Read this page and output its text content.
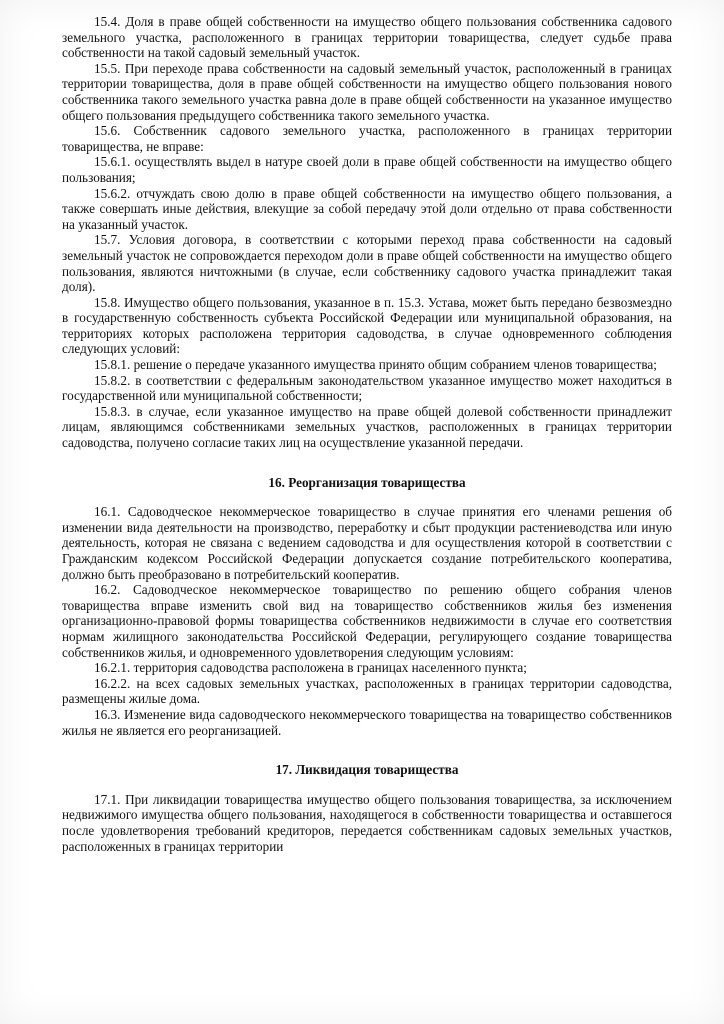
15.4. Доля в праве общей собственности на имущество общего пользования собственника садового земельного участка, расположенного в границах территории товарищества, следует судьбе права собственности на такой садовый земельный участок.

15.5. При переходе права собственности на садовый земельный участок, расположенный в границах территории товарищества, доля в праве общей собственности на имущество общего пользования нового собственника такого земельного участка равна доле в праве общей собственности на указанное имущество общего пользования предыдущего собственника такого земельного участка.

15.6. Собственник садового земельного участка, расположенного в границах территории товарищества, не вправе:

15.6.1. осуществлять выдел в натуре своей доли в праве общей собственности на имущество общего пользования;

15.6.2. отчуждать свою долю в праве общей собственности на имущество общего пользования, а также совершать иные действия, влекущие за собой передачу этой доли отдельно от права собственности на указанный участок.

15.7. Условия договора, в соответствии с которыми переход права собственности на садовый земельный участок не сопровождается переходом доли в праве общей собственности на имущество общего пользования, являются ничтожными (в случае, если собственнику садового участка принадлежит такая доля).

15.8. Имущество общего пользования, указанное в п. 15.3. Устава, может быть передано безвозмездно в государственную собственность субъекта Российской Федерации или муниципальной образования, на территориях которых расположена территория садоводства, в случае одновременного соблюдения следующих условий:

15.8.1. решение о передаче указанного имущества принято общим собранием членов товарищества;

15.8.2. в соответствии с федеральным законодательством указанное имущество может находиться в государственной или муниципальной собственности;

15.8.3. в случае, если указанное имущество на праве общей долевой собственности принадлежит лицам, являющимся собственниками земельных участков, расположенных в границах территории садоводства, получено согласие таких лиц на осуществление указанной передачи.

16. Реорганизация товарищества

16.1. Садоводческое некоммерческое товарищество в случае принятия его членами решения об изменении вида деятельности на производство, переработку и сбыт продукции растениеводства или иную деятельность, которая не связана с ведением садоводства и для осуществления которой в соответствии с Гражданским кодексом Российской Федерации допускается создание потребительского кооператива, должно быть преобразовано в потребительский кооператив.

16.2. Садоводческое некоммерческое товарищество по решению общего собрания членов товарищества вправе изменить свой вид на товарищество собственников жилья без изменения организационно-правовой формы товарищества собственников недвижимости в случае его соответствия нормам жилищного законодательства Российской Федерации, регулирующего создание товарищества собственников жилья, и одновременного удовлетворения следующим условиям:

16.2.1. территория садоводства расположена в границах населенного пункта;

16.2.2. на всех садовых земельных участках, расположенных в границах территории садоводства, размещены жилые дома.

16.3. Изменение вида садоводческого некоммерческого товарищества на товарищество собственников жилья не является его реорганизацией.

17. Ликвидация товарищества

17.1. При ликвидации товарищества имущество общего пользования товарищества, за исключением недвижимого имущества общего пользования, находящегося в собственности товарищества и оставшегося после удовлетворения требований кредиторов, передается собственникам садовых земельных участков, расположенных в границах территории
